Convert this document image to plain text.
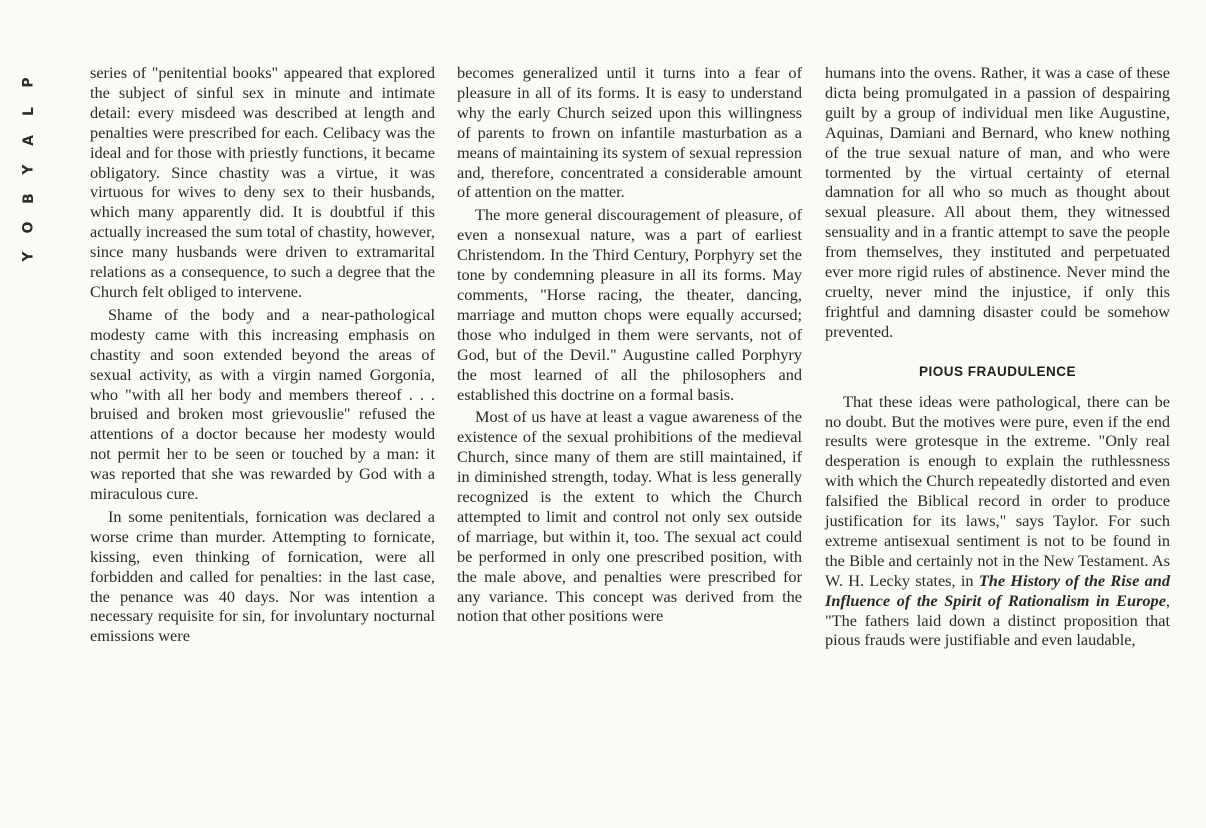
P
L
A
Y
B
O
Y

series of "penitential books" appeared that explored the subject of sinful sex in minute and intimate detail: every misdeed was described at length and penalties were prescribed for each. Celibacy was the ideal and for those with priestly functions, it became obligatory. Since chastity was a virtue, it was virtuous for wives to deny sex to their husbands, which many apparently did. It is doubtful if this actually increased the sum total of chastity, however, since many husbands were driven to extramarital relations as a consequence, to such a degree that the Church felt obliged to intervene.

Shame of the body and a near-pathological modesty came with this increasing emphasis on chastity and soon extended beyond the areas of sexual activity, as with a virgin named Gorgonia, who "with all her body and members thereof . . . bruised and broken most grievouslie" refused the attentions of a doctor because her modesty would not permit her to be seen or touched by a man: it was reported that she was rewarded by God with a miraculous cure.

In some penitentials, fornication was declared a worse crime than murder. Attempting to fornicate, kissing, even thinking of fornication, were all forbidden and called for penalties: in the last case, the penance was 40 days. Nor was intention a necessary requisite for sin, for involuntary nocturnal emissions were

becomes generalized until it turns into a fear of pleasure in all of its forms. It is easy to understand why the early Church seized upon this willingness of parents to frown on infantile masturbation as a means of maintaining its system of sexual repression and, therefore, concentrated a considerable amount of attention on the matter.

The more general discouragement of pleasure, of even a nonsexual nature, was a part of earliest Christendom. In the Third Century, Porphyry set the tone by condemning pleasure in all its forms. May comments, "Horse racing, the theater, dancing, marriage and mutton chops were equally accursed; those who indulged in them were servants, not of God, but of the Devil." Augustine called Porphyry the most learned of all the philosophers and established this doctrine on a formal basis.

Most of us have at least a vague awareness of the existence of the sexual prohibitions of the medieval Church, since many of them are still maintained, if in diminished strength, today. What is less generally recognized is the extent to which the Church attempted to limit and control not only sex outside of marriage, but within it, too. The sexual act could be performed in only one prescribed position, with the male above, and penalties were prescribed for any variance. This concept was derived from the notion that other positions were

humans into the ovens. Rather, it was a case of these dicta being promulgated in a passion of despairing guilt by a group of individual men like Augustine, Aquinas, Damiani and Bernard, who knew nothing of the true sexual nature of man, and who were tormented by the virtual certainty of eternal damnation for all who so much as thought about sexual pleasure. All about them, they witnessed sensuality and in a frantic attempt to save the people from themselves, they instituted and perpetuated ever more rigid rules of abstinence. Never mind the cruelty, never mind the injustice, if only this frightful and damning disaster could be somehow prevented.

PIOUS FRAUDULENCE

That these ideas were pathological, there can be no doubt. But the motives were pure, even if the end results were grotesque in the extreme. "Only real desperation is enough to explain the ruthlessness with which the Church repeatedly distorted and even falsified the Biblical record in order to produce justification for its laws," says Taylor. For such extreme antisexual sentiment is not to be found in the Bible and certainly not in the New Testament. As W. H. Lecky states, in The History of the Rise and Influence of the Spirit of Rationalism in Europe, "The fathers laid down a distinct proposition that pious frauds were justifiable and even laudable,
